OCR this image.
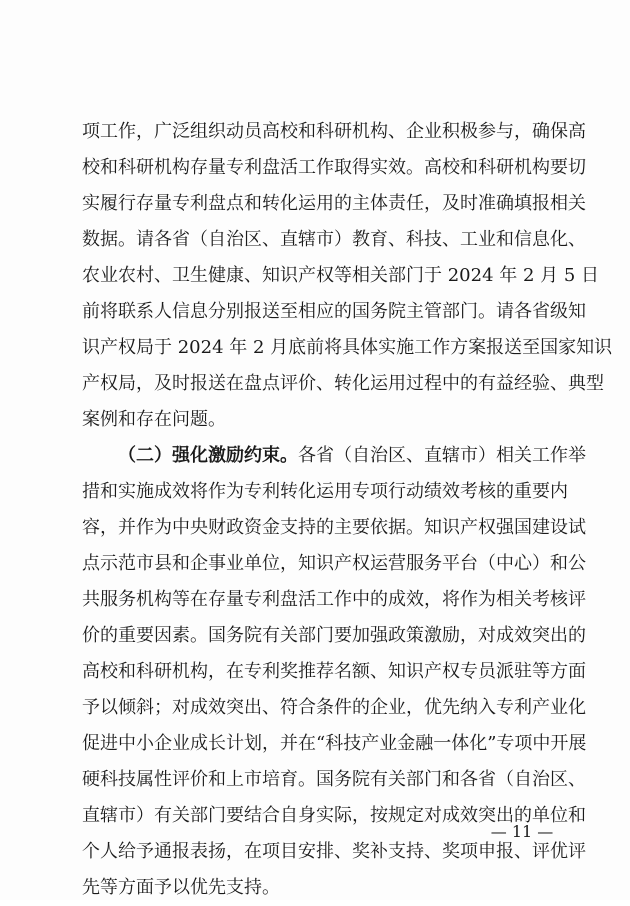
项工作，广泛组织动员高校和科研机构、企业积极参与，确保高
校和科研机构存量专利盘活工作取得实效。高校和科研机构要切
实履行存量专利盘点和转化运用的主体责任，及时准确填报相关
数据。请各省（自治区、直辖市）教育、科技、工业和信息化、
农业农村、卫生健康、知识产权等相关部门于 2024 年 2 月 5 日
前将联系人信息分别报送至相应的国务院主管部门。请各省级知
识产权局于 2024 年 2 月底前将具体实施工作方案报送至国家知识
产权局，及时报送在盘点评价、转化运用过程中的有益经验、典型
案例和存在问题。
（二）强化激励约束。各省（自治区、直辖市）相关工作举
措和实施成效将作为专利转化运用专项行动绩效考核的重要内
容，并作为中央财政资金支持的主要依据。知识产权强国建设试
点示范市县和企事业单位，知识产权运营服务平台（中心）和公
共服务机构等在存量专利盘活工作中的成效，将作为相关考核评
价的重要因素。国务院有关部门要加强政策激励，对成效突出的
高校和科研机构，在专利奖推荐名额、知识产权专员派驻等方面
予以倾斜；对成效突出、符合条件的企业，优先纳入专利产业化
促进中小企业成长计划，并在“科技产业金融一体化”专项中开展
硬科技属性评价和上市培育。国务院有关部门和各省（自治区、
直辖市）有关部门要结合自身实际，按规定对成效突出的单位和
个人给予通报表扬，在项目安排、奖补支持、奖项申报、评优评
先等方面予以优先支持。
— 11 —
